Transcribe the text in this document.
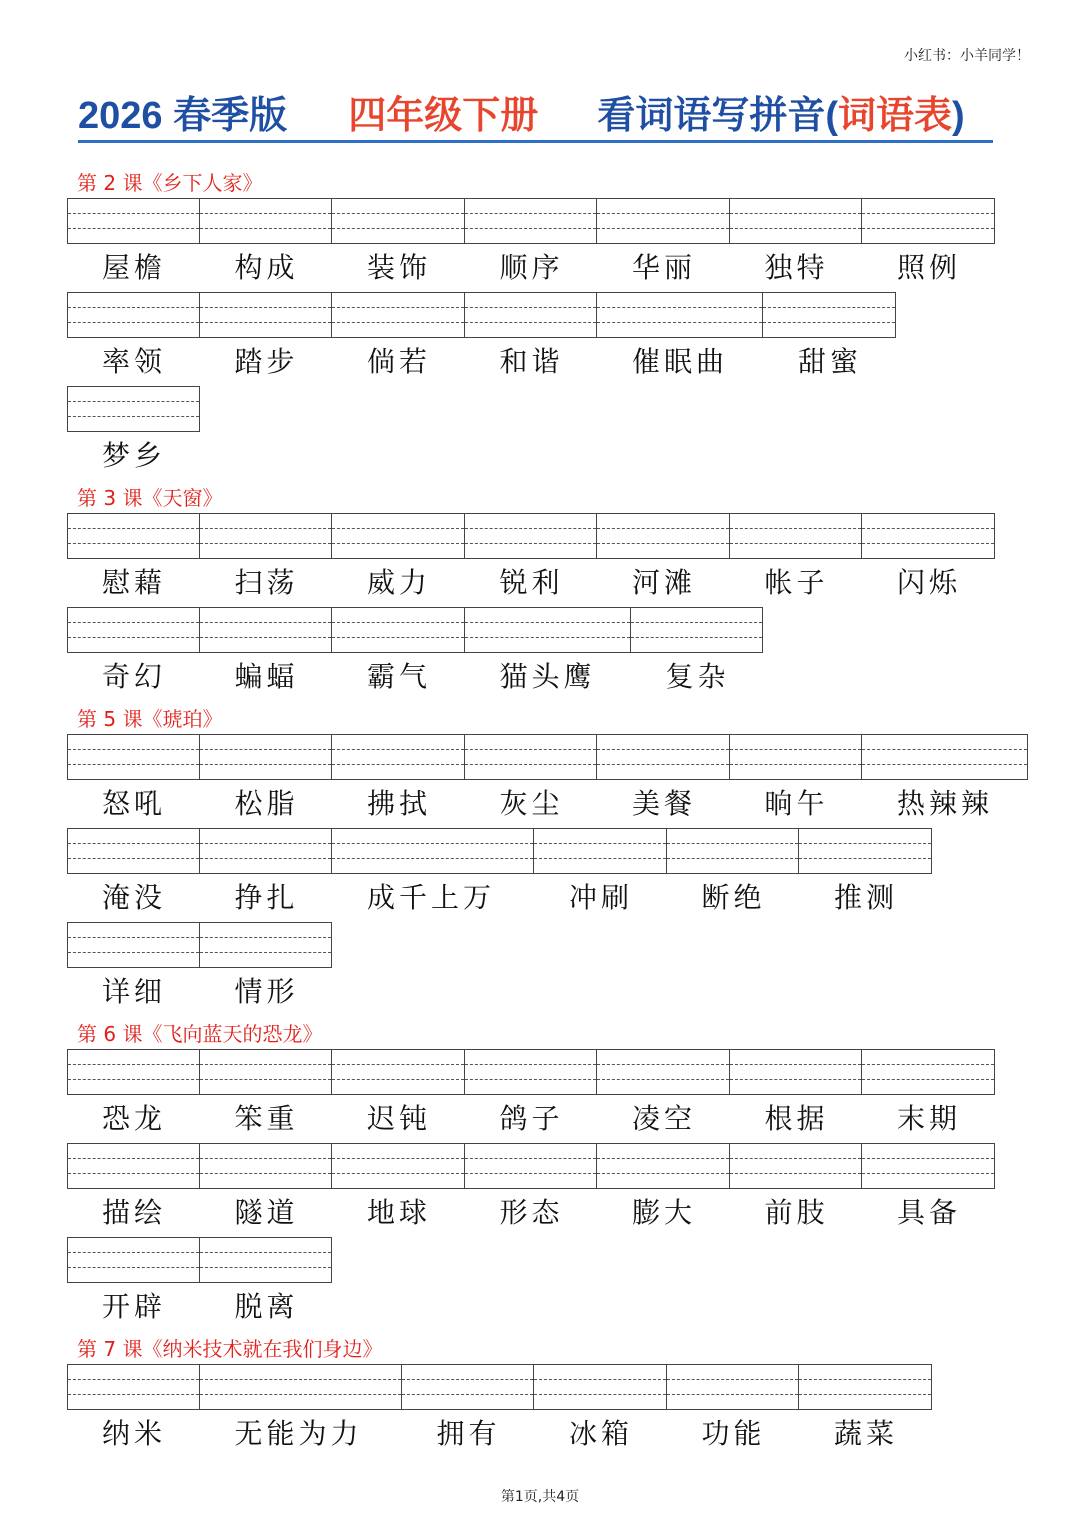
小红书：小羊同学！
2026 春季版 四年级下册 看词语写拼音(词语表)
第 2 课《乡下人家》
屋檐	构成	装饰	顺序	华丽	独特	照例
率领	踏步	倘若	和谐	催眠曲	甜蜜
梦乡
第 3 课《天窗》
慰藉	扫荡	威力	锐利	河滩	帐子	闪烁
奇幻	蝙蝠	霸气	猫头鹰	复杂
第 5 课《琥珀》
怒吼	松脂	拂拭	灰尘	美餐	晌午	热辣辣
淹没	挣扎	成千上万	冲刷	断绝	推测
详细	情形
第 6 课《飞向蓝天的恐龙》
恐龙	笨重	迟钝	鸽子	凌空	根据	末期
描绘	隧道	地球	形态	膨大	前肢	具备
开辟	脱离
第 7 课《纳米技术就在我们身边》
纳米	无能为力	拥有	冰箱	功能	蔬菜
第1页,共4页
